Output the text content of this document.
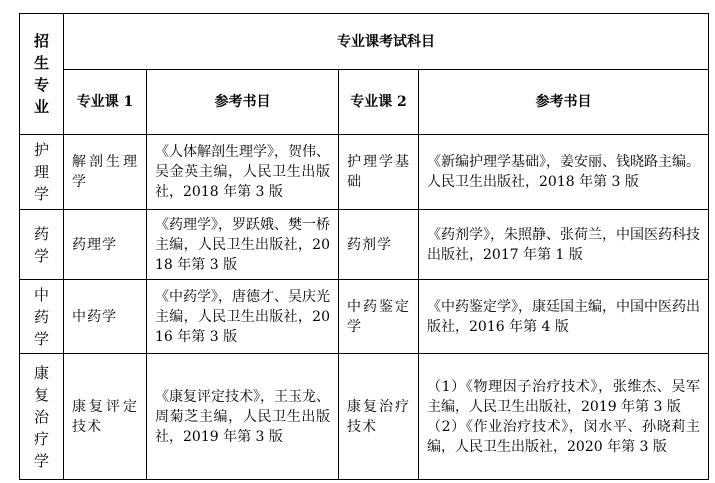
招生专业	专业课考试科目			
	专业课 1	参考书目	专业课 2	参考书目

护理学	解剖生理学	《人体解剖生理学》，贺伟、吴金英主编，人民卫生出版社，2018 年第 3 版	护理学基础	《新编护理学基础》，姜安丽、钱晓路主编。人民卫生出版社，2018 年第 3 版

药学	药理学	《药理学》，罗跃娥、樊一桥主编，人民卫生出版社，2018 年第 3 版	药剂学	《药剂学》，朱照静、张荷兰，中国医药科技出版社，2017 年第 1 版

中药学	中药学	《中药学》，唐德才、吴庆光主编，人民卫生出版社，2016 年第 3 版	中药鉴定学	《中药鉴定学》，康廷国主编，中国中医药出版社，2016 年第 4 版

康复治疗学	康复评定技术	《康复评定技术》，王玉龙、周菊芝主编，人民卫生出版社，2019 年第 3 版	康复治疗技术	（1）《物理因子治疗技术》，张维杰、吴军主编，人民卫生出版社，2019 年第 3 版
（2）《作业治疗技术》，闵水平、孙晓莉主编，人民卫生出版社，2020 年第 3 版
